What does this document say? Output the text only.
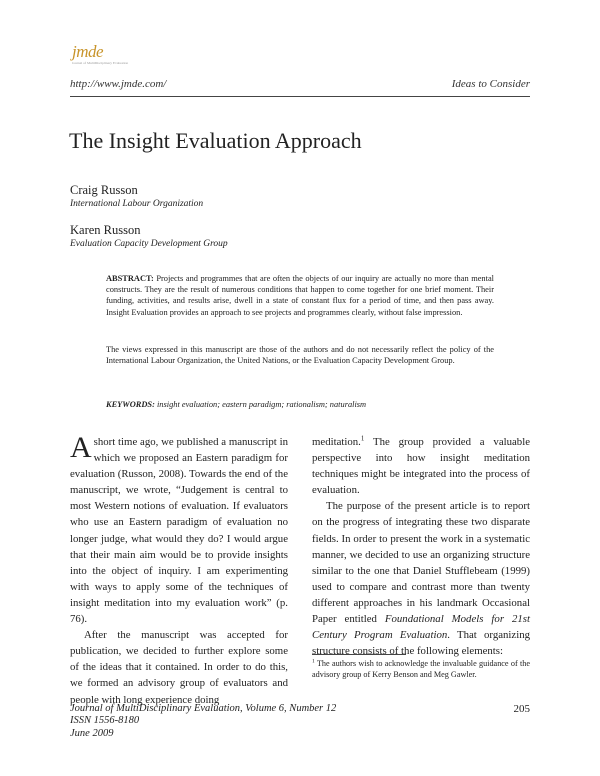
jmde
Journal of MultiDisciplinary Evaluation
http://www.jmde.com/	Ideas to Consider
The Insight Evaluation Approach
Craig Russon
International Labour Organization
Karen Russon
Evaluation Capacity Development Group
ABSTRACT: Projects and programmes that are often the objects of our inquiry are actually no more than mental constructs. They are the result of numerous conditions that happen to come together for one brief moment. Their funding, activities, and results arise, dwell in a state of constant flux for a period of time, and then pass away. Insight Evaluation provides an approach to see projects and programmes clearly, without false impression.
The views expressed in this manuscript are those of the authors and do not necessarily reflect the policy of the International Labour Organization, the United Nations, or the Evaluation Capacity Development Group.
KEYWORDS: insight evaluation; eastern paradigm; rationalism; naturalism

A short time ago, we published a manuscript in which we proposed an Eastern paradigm for evaluation (Russon, 2008). Towards the end of the manuscript, we wrote, “Judgement is central to most Western notions of evaluation. If evaluators who use an Eastern paradigm of evaluation no longer judge, what would they do? I would argue that their main aim would be to provide insights into the object of inquiry. I am experimenting with ways to apply some of the techniques of insight meditation into my evaluation work” (p. 76).

After the manuscript was accepted for publication, we decided to further explore some of the ideas that it contained. In order to do this, we formed an advisory group of evaluators and people with long experience doing

meditation.$^1$ The group provided a valuable perspective into how insight meditation techniques might be integrated into the process of evaluation.

The purpose of the present article is to report on the progress of integrating these two disparate fields. In order to present the work in a systematic manner, we decided to use an organizing structure similar to the one that Daniel Stufflebeam (1999) used to compare and contrast more than twenty different approaches in his landmark Occasional Paper entitled Foundational Models for 21st Century Program Evaluation. That organizing structure consists of the following elements:

$^1$ The authors wish to acknowledge the invaluable guidance of the advisory group of Kerry Benson and Meg Gawler.
Journal of MultiDisciplinary Evaluation, Volume 6, Number 12
ISSN 1556-8180
June 2009
205
